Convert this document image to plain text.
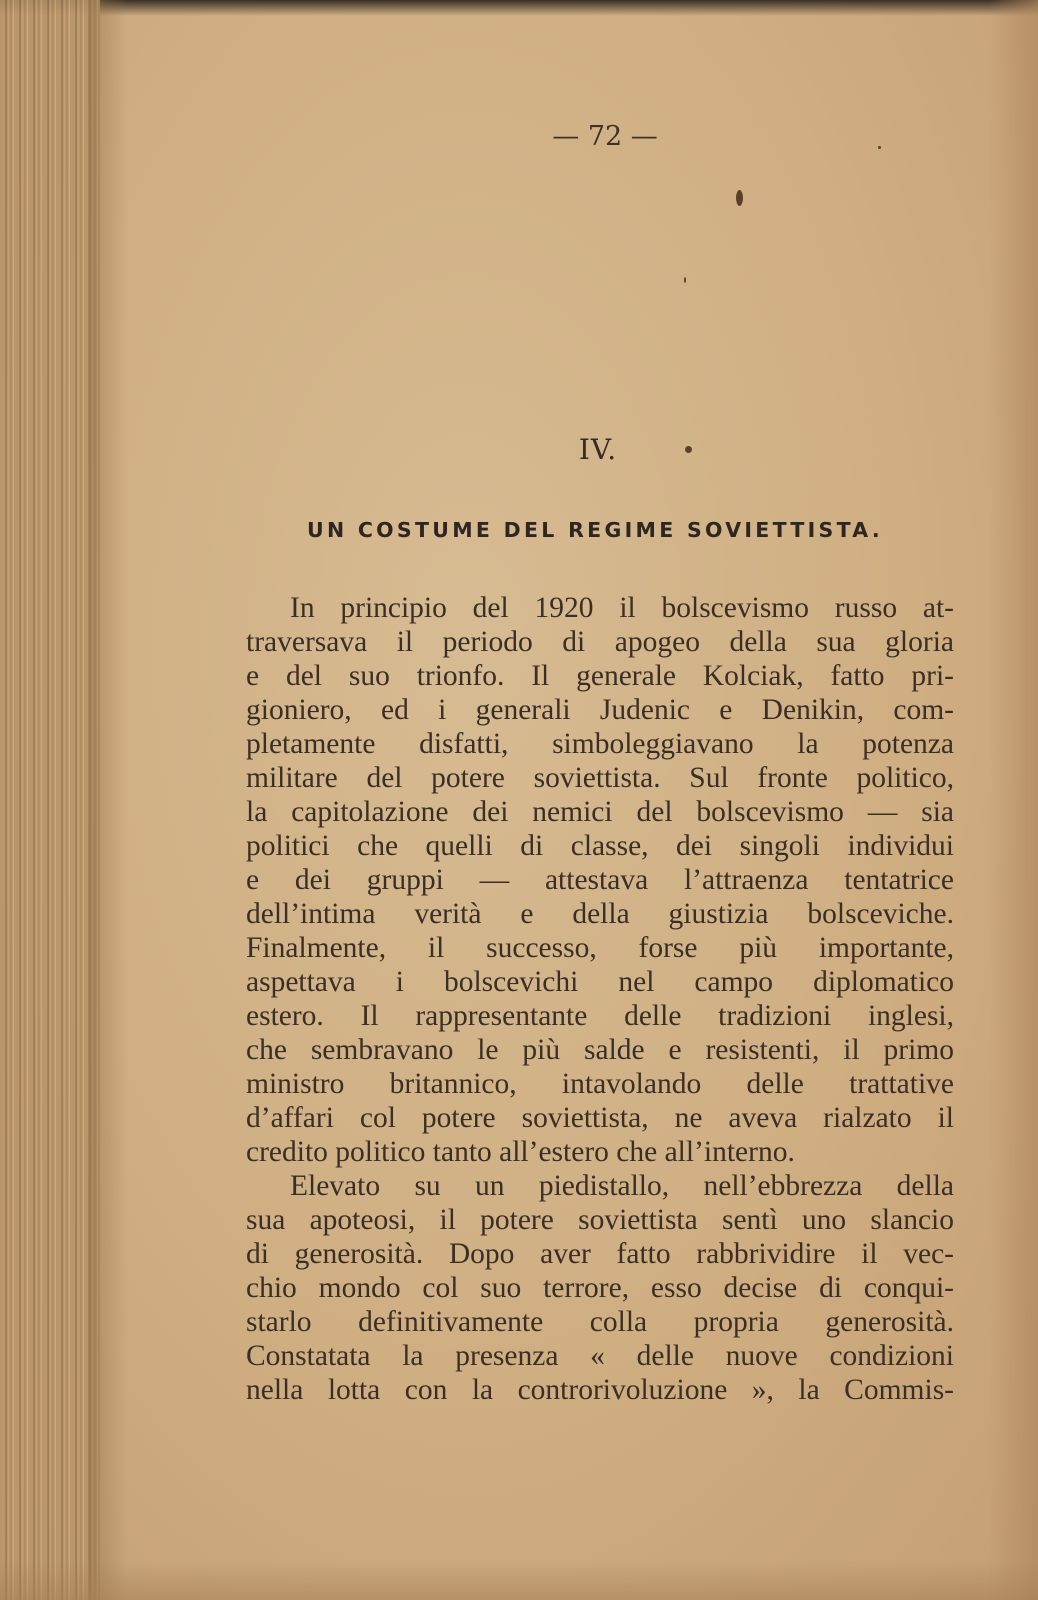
— 72 —
IV.
UN COSTUME DEL REGIME SOVIETTISTA.
In principio del 1920 il bolscevismo russo at-
traversava il periodo di apogeo della sua gloria
e del suo trionfo. Il generale Kolciak, fatto pri-
gioniero, ed i generali Judenic e Denikin, com-
pletamente disfatti, simboleggiavano la potenza
militare del potere soviettista. Sul fronte politico,
la capitolazione dei nemici del bolscevismo — sia
politici che quelli di classe, dei singoli individui
e dei gruppi — attestava l’attraenza tentatrice
dell’intima verità e della giustizia bolsceviche.
Finalmente, il successo, forse più importante,
aspettava i bolscevichi nel campo diplomatico
estero. Il rappresentante delle tradizioni inglesi,
che sembravano le più salde e resistenti, il primo
ministro britannico, intavolando delle trattative
d’affari col potere soviettista, ne aveva rialzato il
credito politico tanto all’estero che all’interno.
Elevato su un piedistallo, nell’ebbrezza della
sua apoteosi, il potere soviettista sentì uno slancio
di generosità. Dopo aver fatto rabbrividire il vec-
chio mondo col suo terrore, esso decise di conqui-
starlo definitivamente colla propria generosità.
Constatata la presenza « delle nuove condizioni
nella lotta con la controrivoluzione », la Commis-
